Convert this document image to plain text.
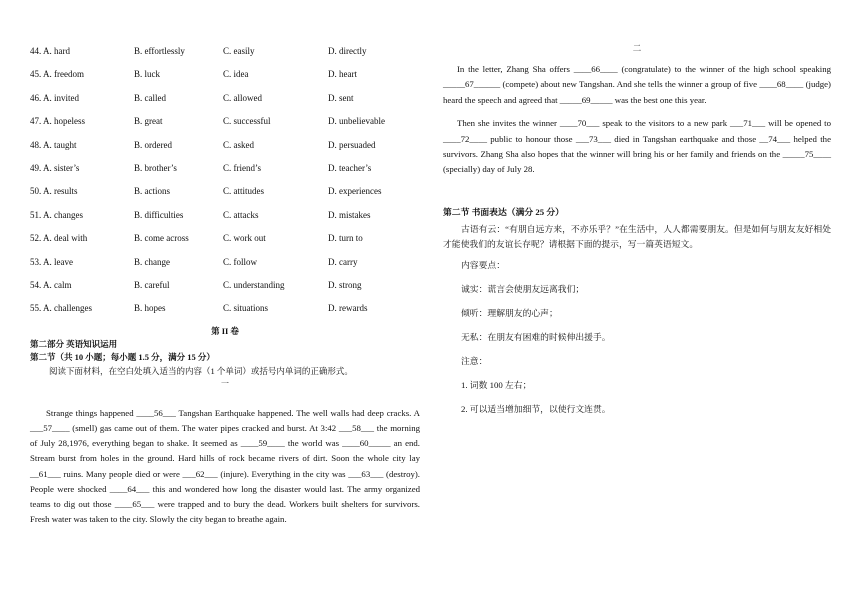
44. A. hard	B. effortlessly	C. easily	D. directly
45. A. freedom	B. luck	C. idea	D. heart
46. A. invited	B. called	C. allowed	D. sent
47. A. hopeless	B. great	C. successful	D. unbelievable
48. A. taught	B. ordered	C. asked	D. persuaded
49. A. sister’s	B. brother’s	C. friend’s	D. teacher’s
50. A. results	B. actions	C. attitudes	D. experiences
51. A. changes	B. difficulties	C. attacks	D. mistakes
52. A. deal with	B. come across	C. work out	D. turn to
53. A. leave	B. change	C. follow	D. carry
54. A. calm	B. careful	C. understanding	D. strong
55. A. challenges	B. hopes	C. situations	D. rewards
第 II 卷
第二部分 英语知识运用
第二节（共 10 小题；每小题 1.5 分，满分 15 分）
阅读下面材料，在空白处填入适当的内容（1 个单词）或括号内单词的正确形式。
一

Strange things happened ____56___ Tangshan Earthquake happened. The well walls had deep cracks. A ___57____ (smell) gas came out of them. The water pipes cracked and burst. At 3:42 ___58___ the morning of July 28,1976, everything began to shake. It seemed as ____59____ the world was ____60_____ an end. Stream burst from holes in the ground. Hard hills of rock became rivers of dirt. Soon the whole city lay __61___ ruins. Many people died or were ___62___ (injure). Everything in the city was ___63___ (destroy). People were shocked ____64___ this and wondered how long the disaster would last. The army organized teams to dig out those ____65___ were trapped and to bury the dead. Workers built shelters for survivors. Fresh water was taken to the city. Slowly the city began to breathe again.

二

In the letter, Zhang Sha offers ____66____ (congratulate) to the winner of the high school speaking _____67______ (compete) about new Tangshan. And she tells the winner a group of five ____68____ (judge) heard the speech and agreed that _____69_____ was the best one this year.

Then she invites the winner ____70___ speak to the visitors to a new park ___71___ will be opened to ____72____ public to honour those ___73___ died in Tangshan earthquake and those __74___ helped the survivors. Zhang Sha also hopes that the winner will bring his or her family and friends on the _____75____ (specially) day of July 28.

第二节 书面表达（满分 25 分）

古语有云：“有朋自远方来，不亦乐乎？”在生活中，人人都需要朋友。但是如何与朋友友好相处才能使我们的友谊长存呢？请根据下面的提示，写一篇英语短文。

内容要点：
诚实：谎言会使朋友远离我们；
倾听：理解朋友的心声；
无私：在朋友有困难的时候伸出援手。
注意：
1. 词数 100 左右；
2. 可以适当增加细节，以使行文连贯。
